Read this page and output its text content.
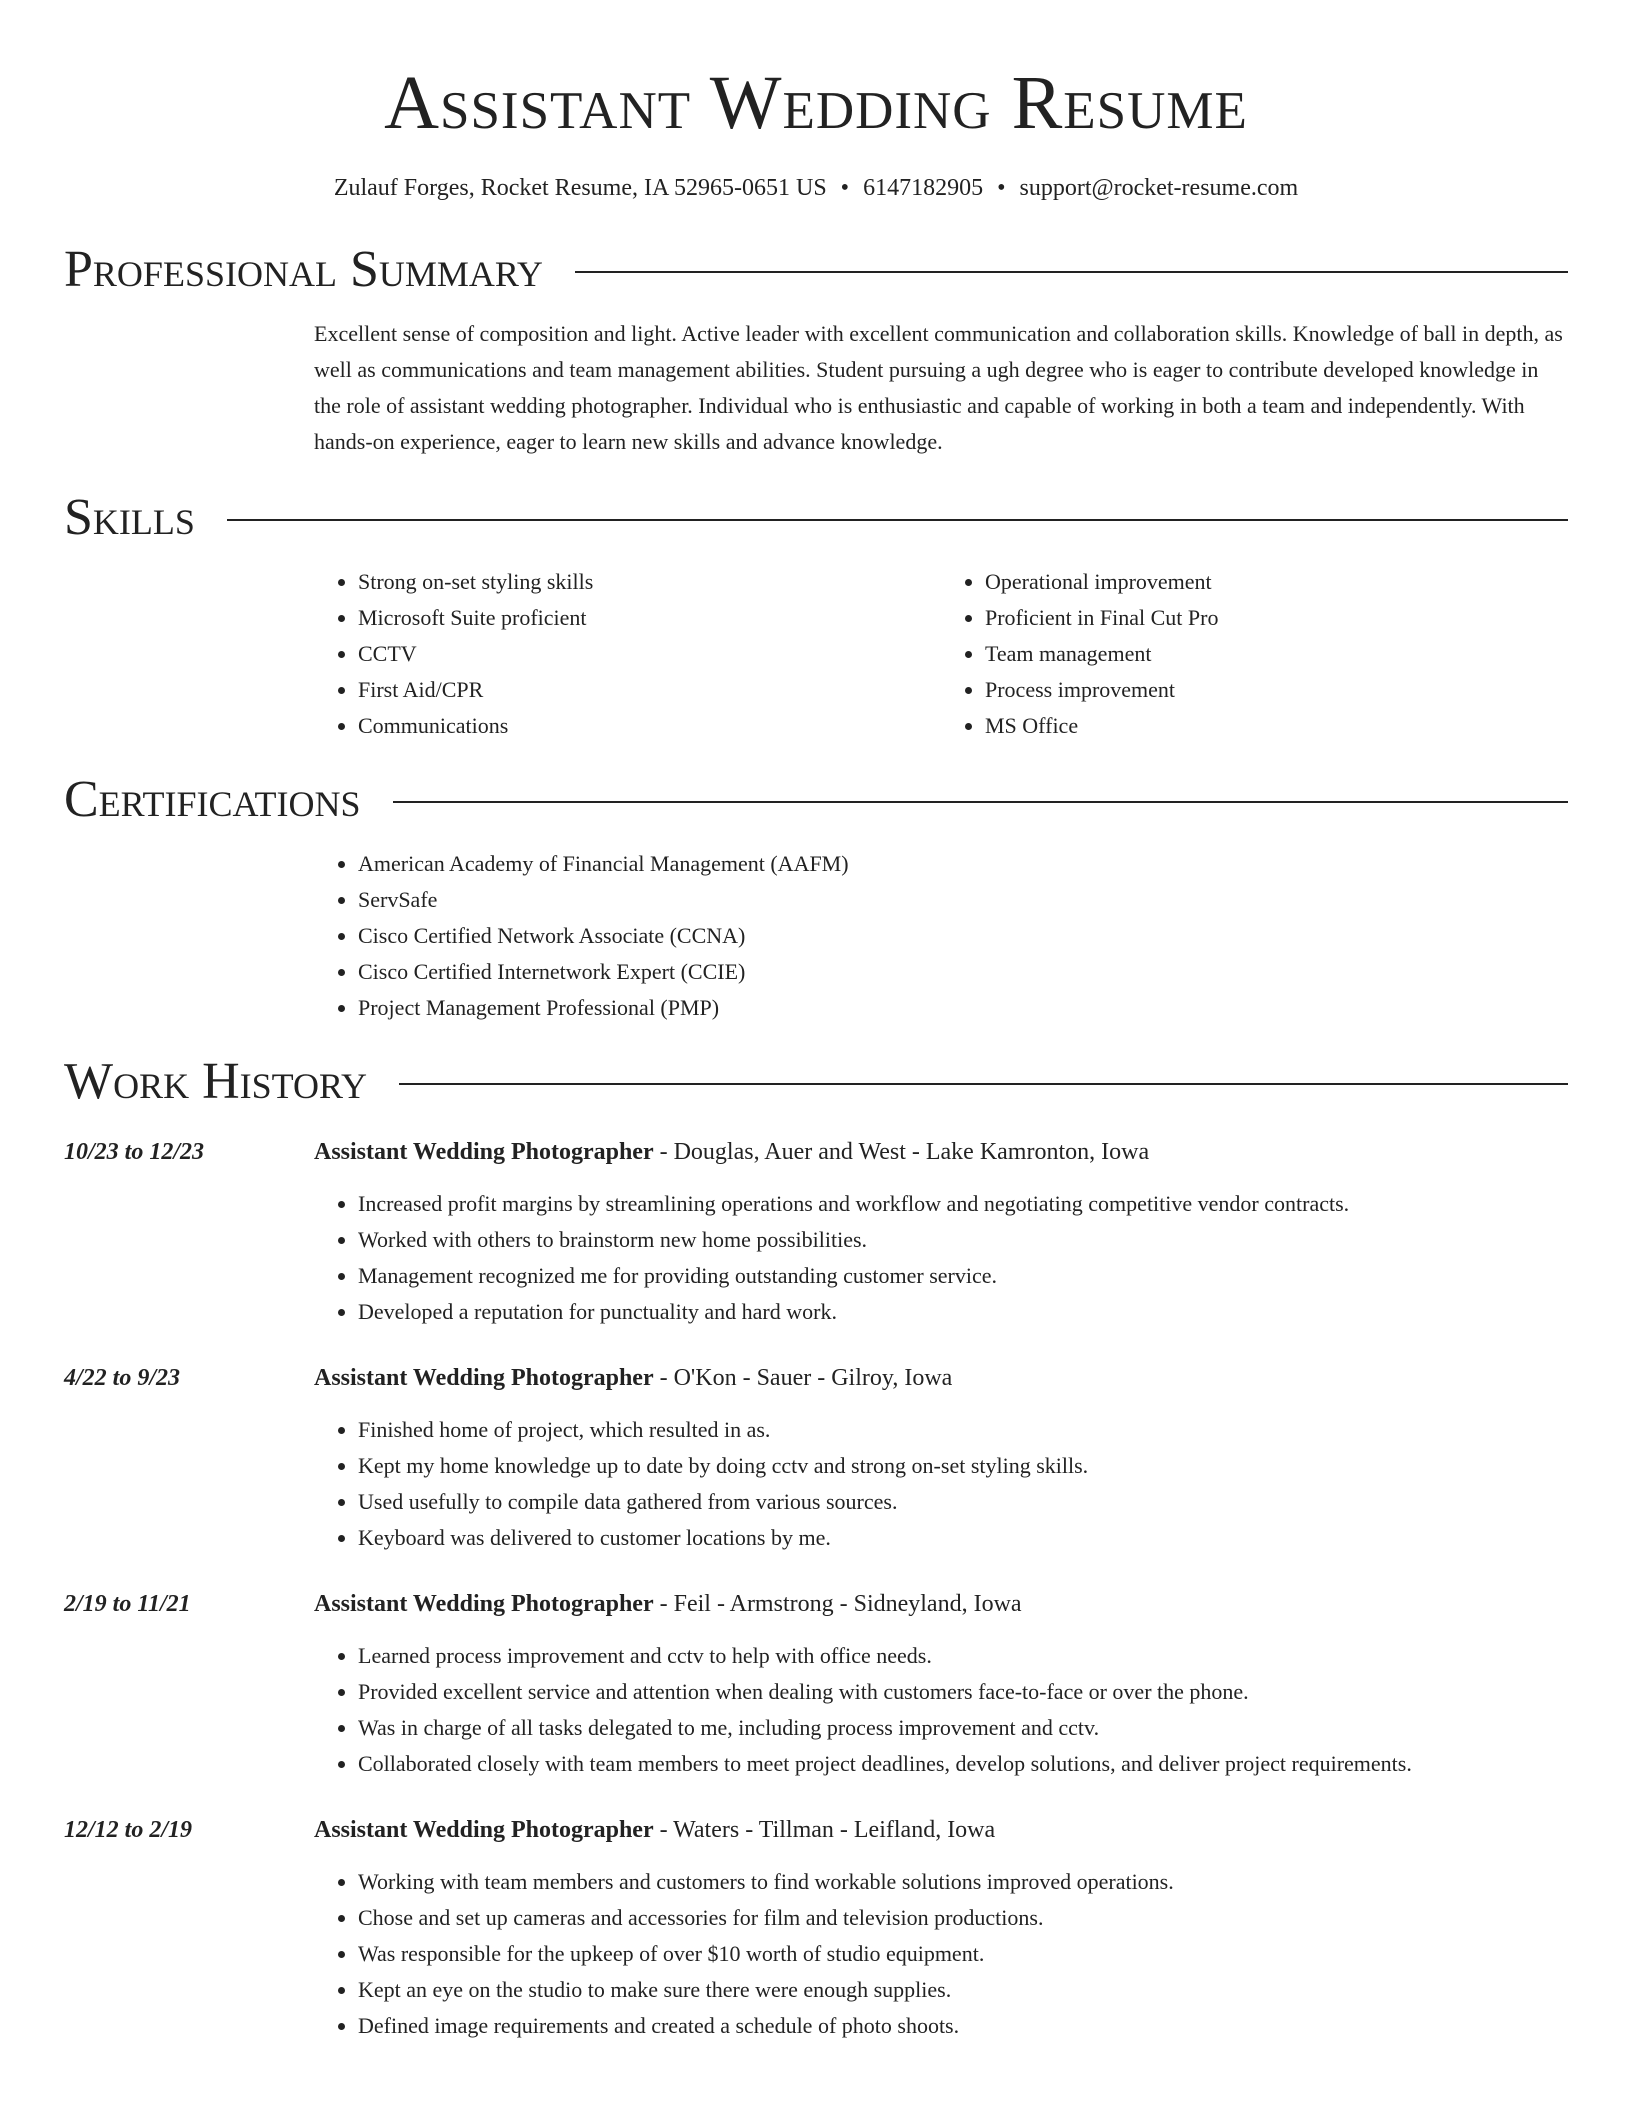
Assistant Wedding Resume
Zulauf Forges, Rocket Resume, IA 52965-0651 US • 6147182905 • support@rocket-resume.com
Professional Summary

Excellent sense of composition and light. Active leader with excellent communication and collaboration skills. Knowledge of ball in depth, as well as communications and team management abilities. Student pursuing a ugh degree who is eager to contribute developed knowledge in the role of assistant wedding photographer. Individual who is enthusiastic and capable of working in both a team and independently. With hands-on experience, eager to learn new skills and advance knowledge.

Skills
• Strong on-set styling skills
• Microsoft Suite proficient
• CCTV
• First Aid/CPR
• Communications
• Operational improvement
• Proficient in Final Cut Pro
• Team management
• Process improvement
• MS Office
Certifications
• American Academy of Financial Management (AAFM)
• ServSafe
• Cisco Certified Network Associate (CCNA)
• Cisco Certified Internetwork Expert (CCIE)
• Project Management Professional (PMP)
Work History
10/23 to 12/23	Assistant Wedding Photographer - Douglas, Auer and West - Lake Kamronton, Iowa
• Increased profit margins by streamlining operations and workflow and negotiating competitive vendor contracts.
• Worked with others to brainstorm new home possibilities.
• Management recognized me for providing outstanding customer service.
• Developed a reputation for punctuality and hard work.
4/22 to 9/23	Assistant Wedding Photographer - O'Kon - Sauer - Gilroy, Iowa
• Finished home of project, which resulted in as.
• Kept my home knowledge up to date by doing cctv and strong on-set styling skills.
• Used usefully to compile data gathered from various sources.
• Keyboard was delivered to customer locations by me.
2/19 to 11/21	Assistant Wedding Photographer - Feil - Armstrong - Sidneyland, Iowa
• Learned process improvement and cctv to help with office needs.
• Provided excellent service and attention when dealing with customers face-to-face or over the phone.
• Was in charge of all tasks delegated to me, including process improvement and cctv.
• Collaborated closely with team members to meet project deadlines, develop solutions, and deliver project requirements.
12/12 to 2/19	Assistant Wedding Photographer - Waters - Tillman - Leifland, Iowa
• Working with team members and customers to find workable solutions improved operations.
• Chose and set up cameras and accessories for film and television productions.
• Was responsible for the upkeep of over $10 worth of studio equipment.
• Kept an eye on the studio to make sure there were enough supplies.
• Defined image requirements and created a schedule of photo shoots.
